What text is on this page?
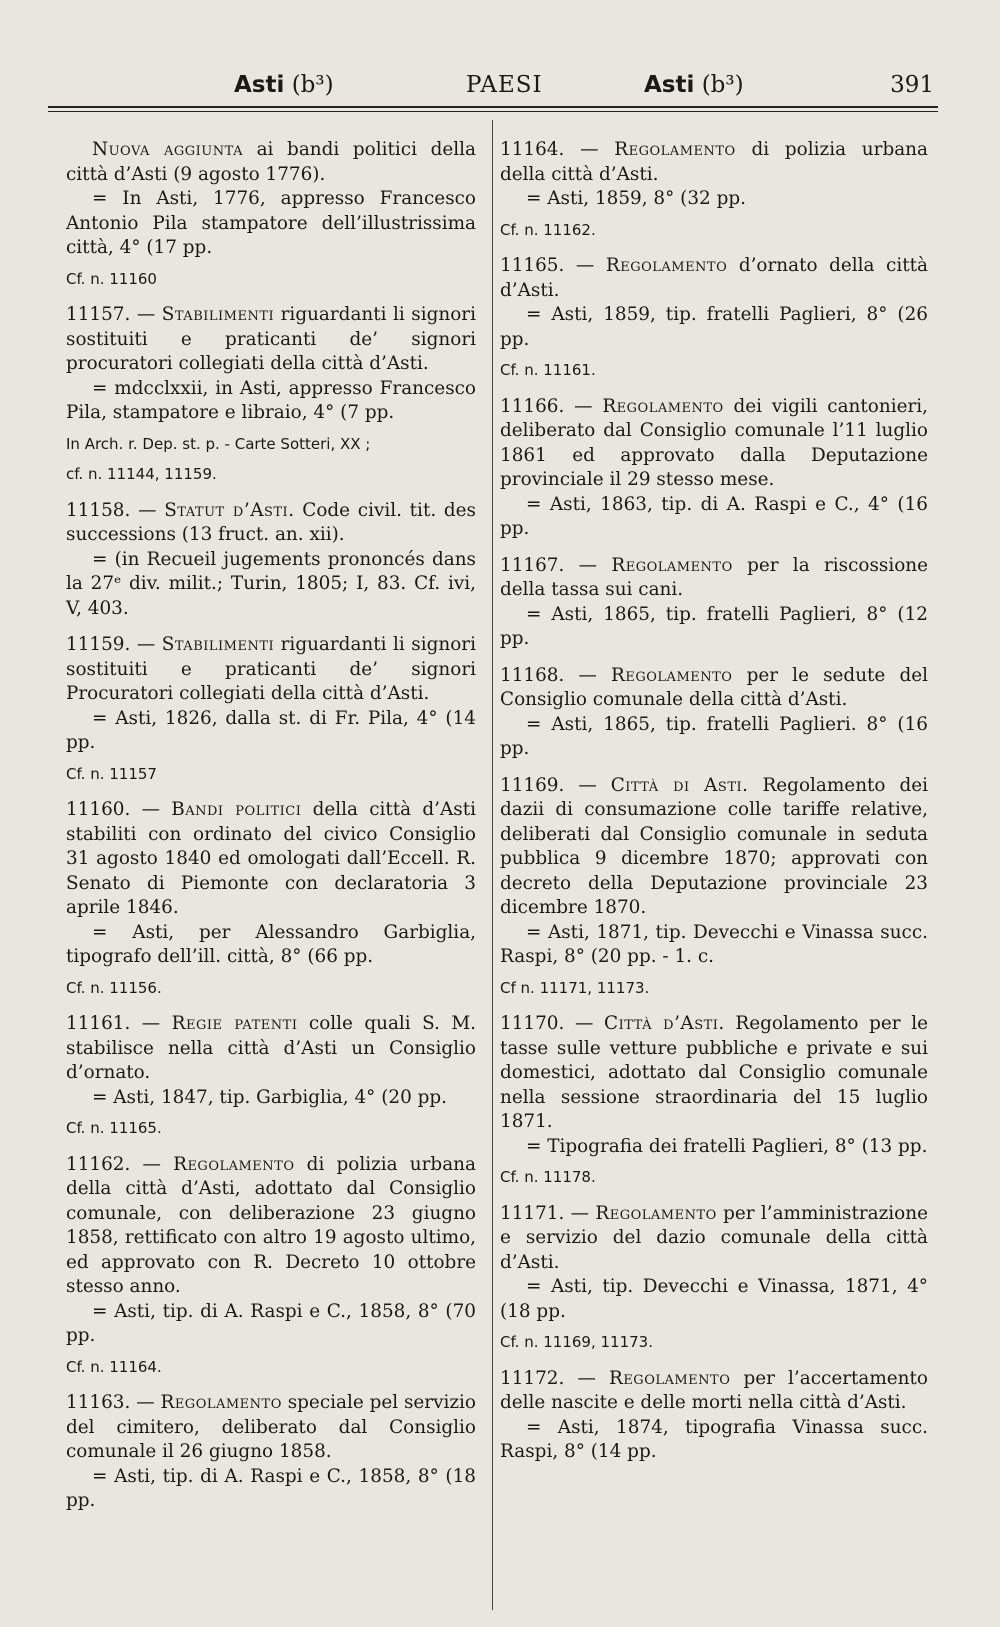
Asti (b³)	PAESI	Asti (b³)	391

Nuova aggiunta ai bandi politici della città d’Asti (9 agosto 1776).

= In Asti, 1776, appresso Francesco Antonio Pila stampatore dell’illustrissima città, 4° (17 pp.

Cf. n. 11160

11157. — Stabilimenti riguardanti li signori sostituiti e praticanti de’ signori procuratori collegiati della città d’Asti.

= mdcclxxii, in Asti, appresso Francesco Pila, stampatore e libraio, 4° (7 pp.

In Arch. r. Dep. st. p. - Carte Sotteri, XX ;

cf. n. 11144, 11159.

11158. — Statut d’Asti. Code civil. tit. des successions (13 fruct. an. xii).

= (in Recueil jugements prononcés dans la 27ᵉ div. milit.; Turin, 1805; I, 83. Cf. ivi, V, 403.

11159. — Stabilimenti riguardanti li signori sostituiti e praticanti de’ signori Procuratori collegiati della città d’Asti.

= Asti, 1826, dalla st. di Fr. Pila, 4° (14 pp.

Cf. n. 11157

11160. — Bandi politici della città d’Asti stabiliti con ordinato del civico Consiglio 31 agosto 1840 ed omologati dall’Eccell. R. Senato di Piemonte con declaratoria 3 aprile 1846.

= Asti, per Alessandro Garbiglia, tipografo dell’ill. città, 8° (66 pp.

Cf. n. 11156.

11161. — Regie patenti colle quali S. M. stabilisce nella città d’Asti un Consiglio d’ornato.

= Asti, 1847, tip. Garbiglia, 4° (20 pp.

Cf. n. 11165.

11162. — Regolamento di polizia urbana della città d’Asti, adottato dal Consiglio comunale, con deliberazione 23 giugno 1858, rettificato con altro 19 agosto ultimo, ed approvato con R. Decreto 10 ottobre stesso anno.

= Asti, tip. di A. Raspi e C., 1858, 8° (70 pp.

Cf. n. 11164.

11163. — Regolamento speciale pel servizio del cimitero, deliberato dal Consiglio comunale il 26 giugno 1858.

= Asti, tip. di A. Raspi e C., 1858, 8° (18 pp.

11164. — Regolamento di polizia urbana della città d’Asti.

= Asti, 1859, 8° (32 pp.

Cf. n. 11162.

11165. — Regolamento d’ornato della città d’Asti.

= Asti, 1859, tip. fratelli Paglieri, 8° (26 pp.

Cf. n. 11161.

11166. — Regolamento dei vigili cantonieri, deliberato dal Consiglio comunale l’11 luglio 1861 ed approvato dalla Deputazione provinciale il 29 stesso mese.

= Asti, 1863, tip. di A. Raspi e C., 4° (16 pp.

11167. — Regolamento per la riscossione della tassa sui cani.

= Asti, 1865, tip. fratelli Paglieri, 8° (12 pp.

11168. — Regolamento per le sedute del Consiglio comunale della città d’Asti.

= Asti, 1865, tip. fratelli Paglieri. 8° (16 pp.

11169. — Città di Asti. Regolamento dei dazii di consumazione colle tariffe relative, deliberati dal Consiglio comunale in seduta pubblica 9 dicembre 1870; approvati con decreto della Deputazione provinciale 23 dicembre 1870.

= Asti, 1871, tip. Devecchi e Vinassa succ. Raspi, 8° (20 pp. - 1. c.

Cf n. 11171, 11173.

11170. — Città d’Asti. Regolamento per le tasse sulle vetture pubbliche e private e sui domestici, adottato dal Consiglio comunale nella sessione straordinaria del 15 luglio 1871.

= Tipografia dei fratelli Paglieri, 8° (13 pp.

Cf. n. 11178.

11171. — Regolamento per l’amministrazione e servizio del dazio comunale della città d’Asti.

= Asti, tip. Devecchi e Vinassa, 1871, 4° (18 pp.

Cf. n. 11169, 11173.

11172. — Regolamento per l’accertamento delle nascite e delle morti nella città d’Asti.

= Asti, 1874, tipografia Vinassa succ. Raspi, 8° (14 pp.
